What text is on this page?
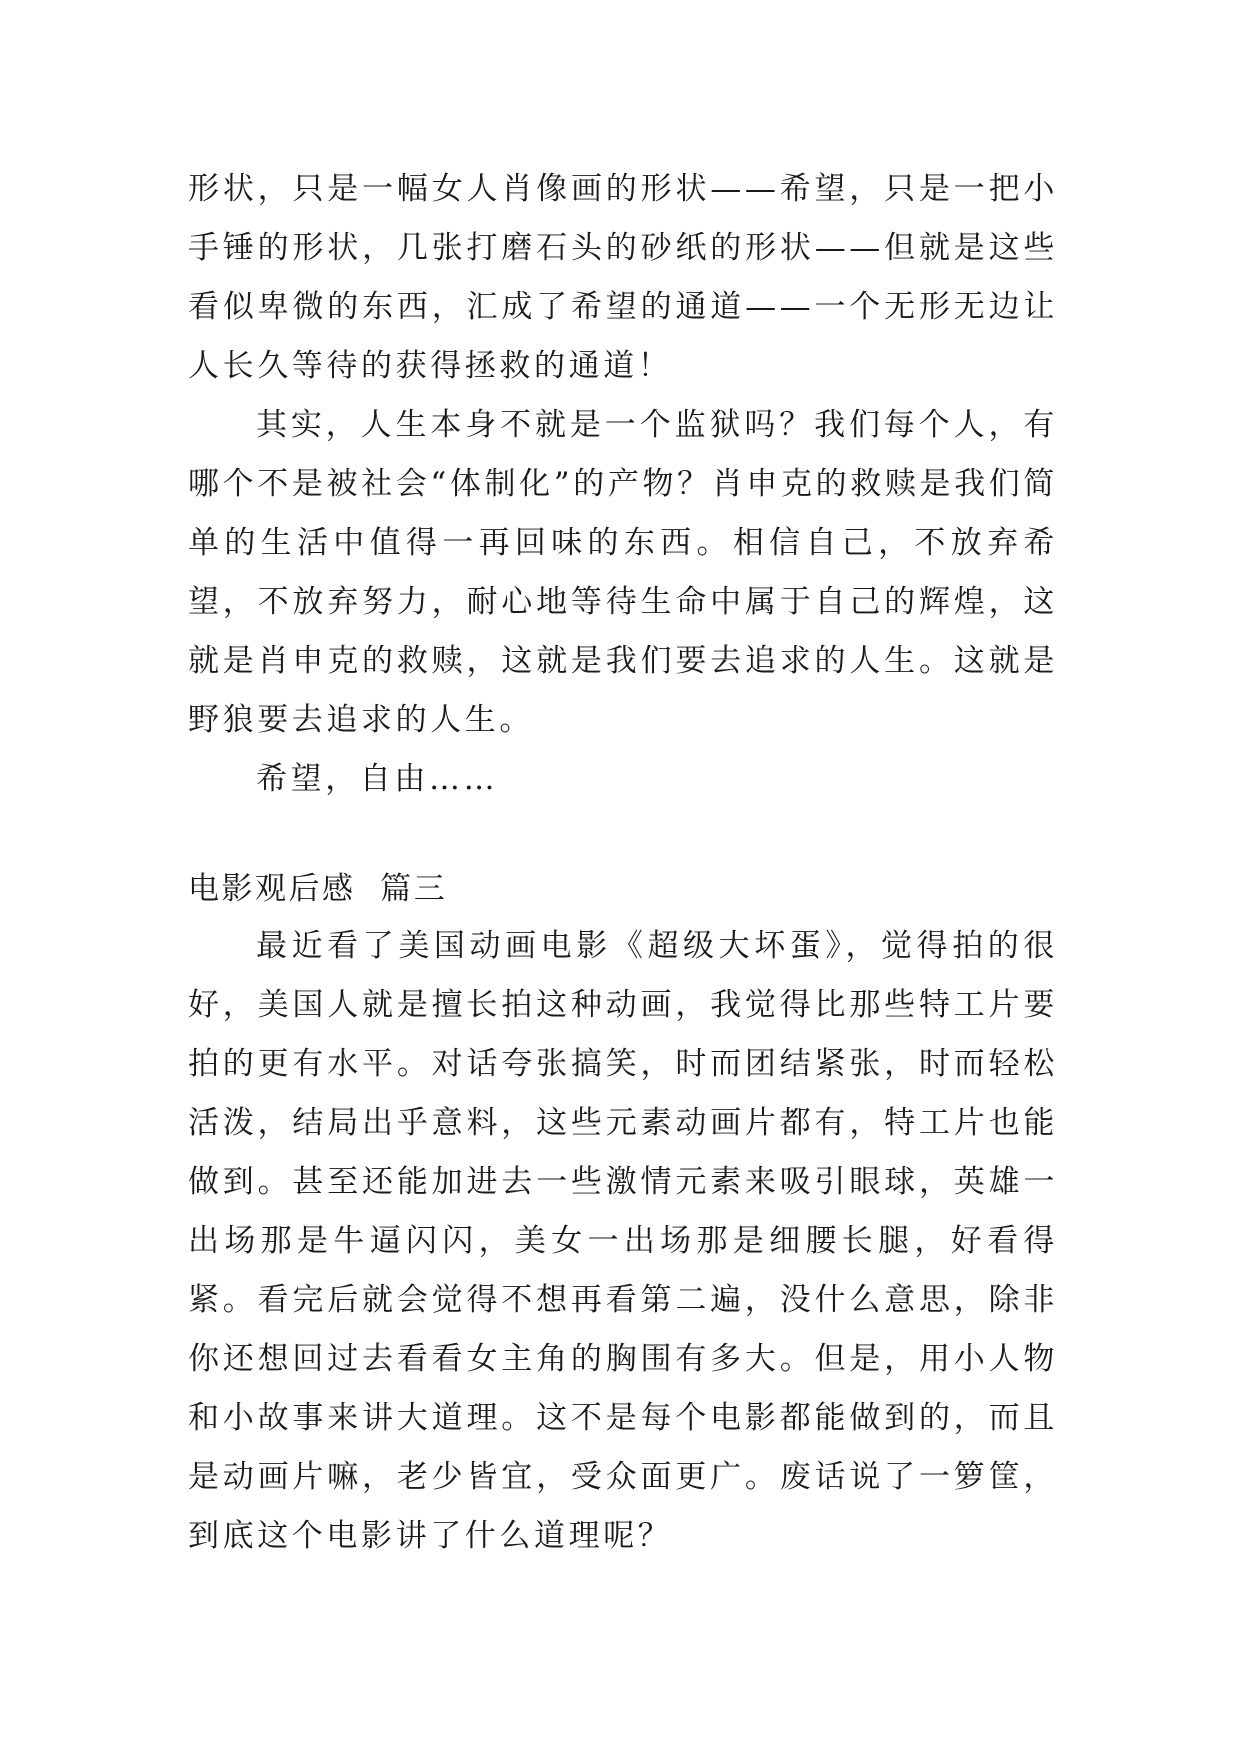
形状，只是一幅女人肖像画的形状——希望，只是一把小手锤的形状，几张打磨石头的砂纸的形状——但就是这些看似卑微的东西，汇成了希望的通道——一个无形无边让人长久等待的获得拯救的通道！

其实，人生本身不就是一个监狱吗？我们每个人，有哪个不是被社会“体制化”的产物？肖申克的救赎是我们简单的生活中值得一再回味的东西。相信自己，不放弃希望，不放弃努力，耐心地等待生命中属于自己的辉煌，这就是肖申克的救赎，这就是我们要去追求的人生。这就是野狼要去追求的人生。

希望，自由……

电影观后感  篇三

最近看了美国动画电影《超级大坏蛋》，觉得拍的很好，美国人就是擅长拍这种动画，我觉得比那些特工片要拍的更有水平。对话夸张搞笑，时而团结紧张，时而轻松活泼，结局出乎意料，这些元素动画片都有，特工片也能做到。甚至还能加进去一些激情元素来吸引眼球，英雄一出场那是牛逼闪闪，美女一出场那是细腰长腿，好看得紧。看完后就会觉得不想再看第二遍，没什么意思，除非你还想回过去看看女主角的胸围有多大。但是，用小人物和小故事来讲大道理。这不是每个电影都能做到的，而且是动画片嘛，老少皆宜，受众面更广。废话说了一箩筐，到底这个电影讲了什么道理呢？
